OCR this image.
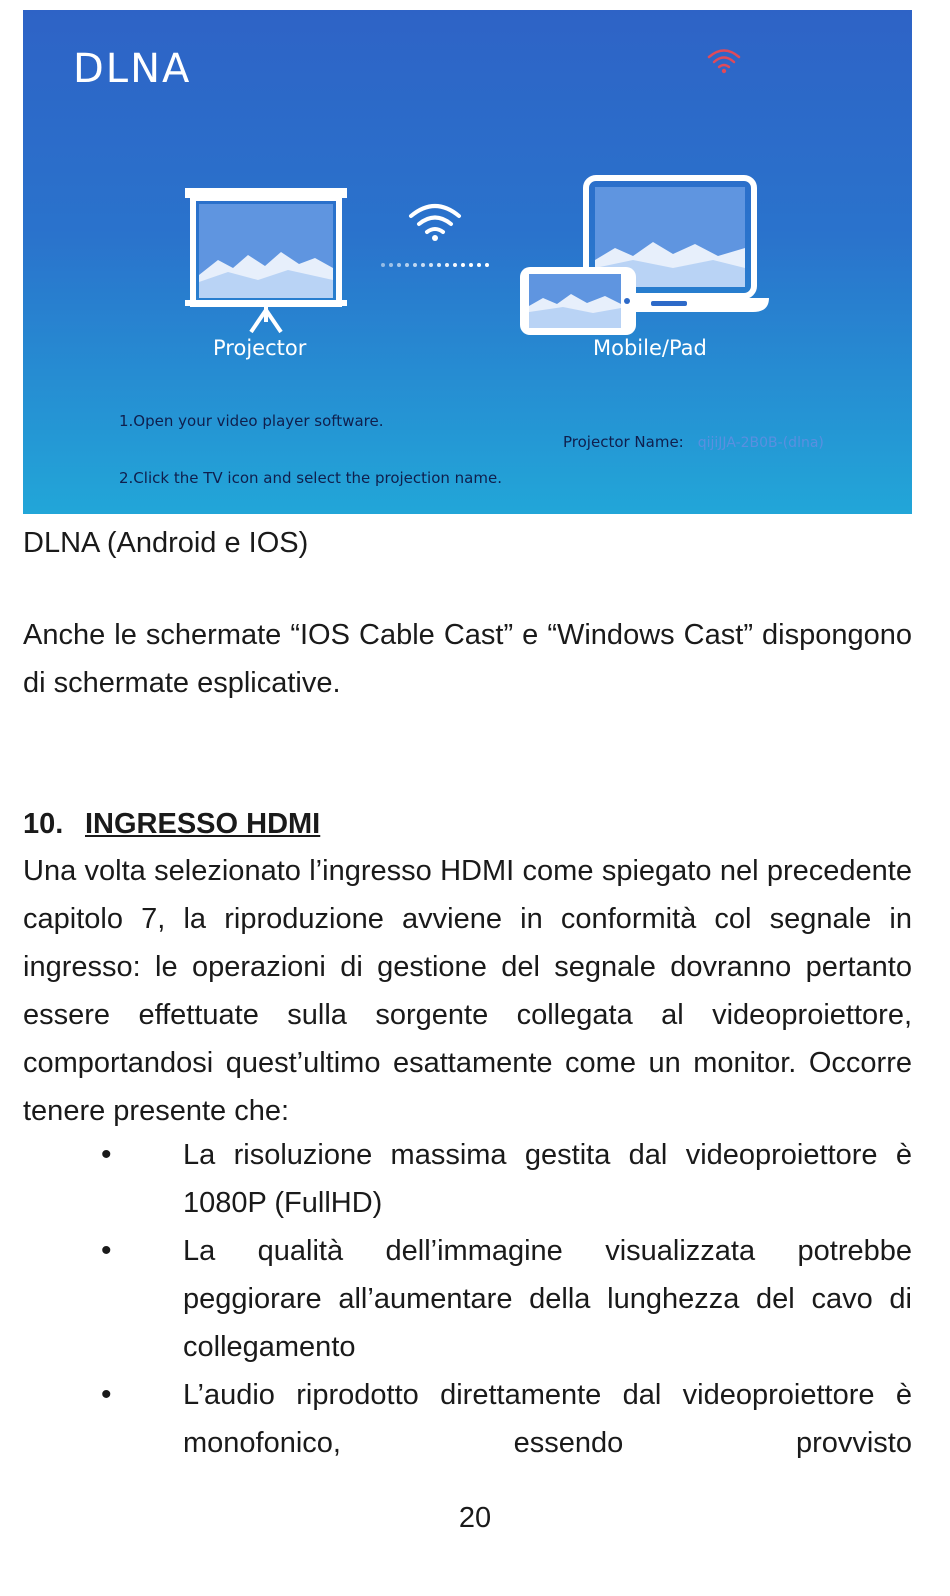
DLNA
Projector	Mobile/Pad
1.Open your video player software.
2.Click the TV icon and select the projection name.
Projector Name: qijiJJA-2B0B-(dlna)
DLNA (Android e IOS)
Anche le schermate “IOS Cable Cast” e “Windows Cast” dispongono di schermate esplicative.
10. INGRESSO HDMI
Una volta selezionato l’ingresso HDMI come spiegato nel precedente capitolo 7, la riproduzione avviene in conformità col segnale in ingresso: le operazioni di gestione del segnale dovranno pertanto essere effettuate sulla sorgente collegata al videoproiettore, comportandosi quest’ultimo esattamente come un monitor. Occorre tenere presente che:
• La risoluzione massima gestita dal videoproiettore è 1080P (FullHD)
• La qualità dell’immagine visualizzata potrebbe peggiorare all’aumentare della lunghezza del cavo di collegamento
• L’audio riprodotto direttamente dal videoproiettore è monofonico, essendo provvisto
20
